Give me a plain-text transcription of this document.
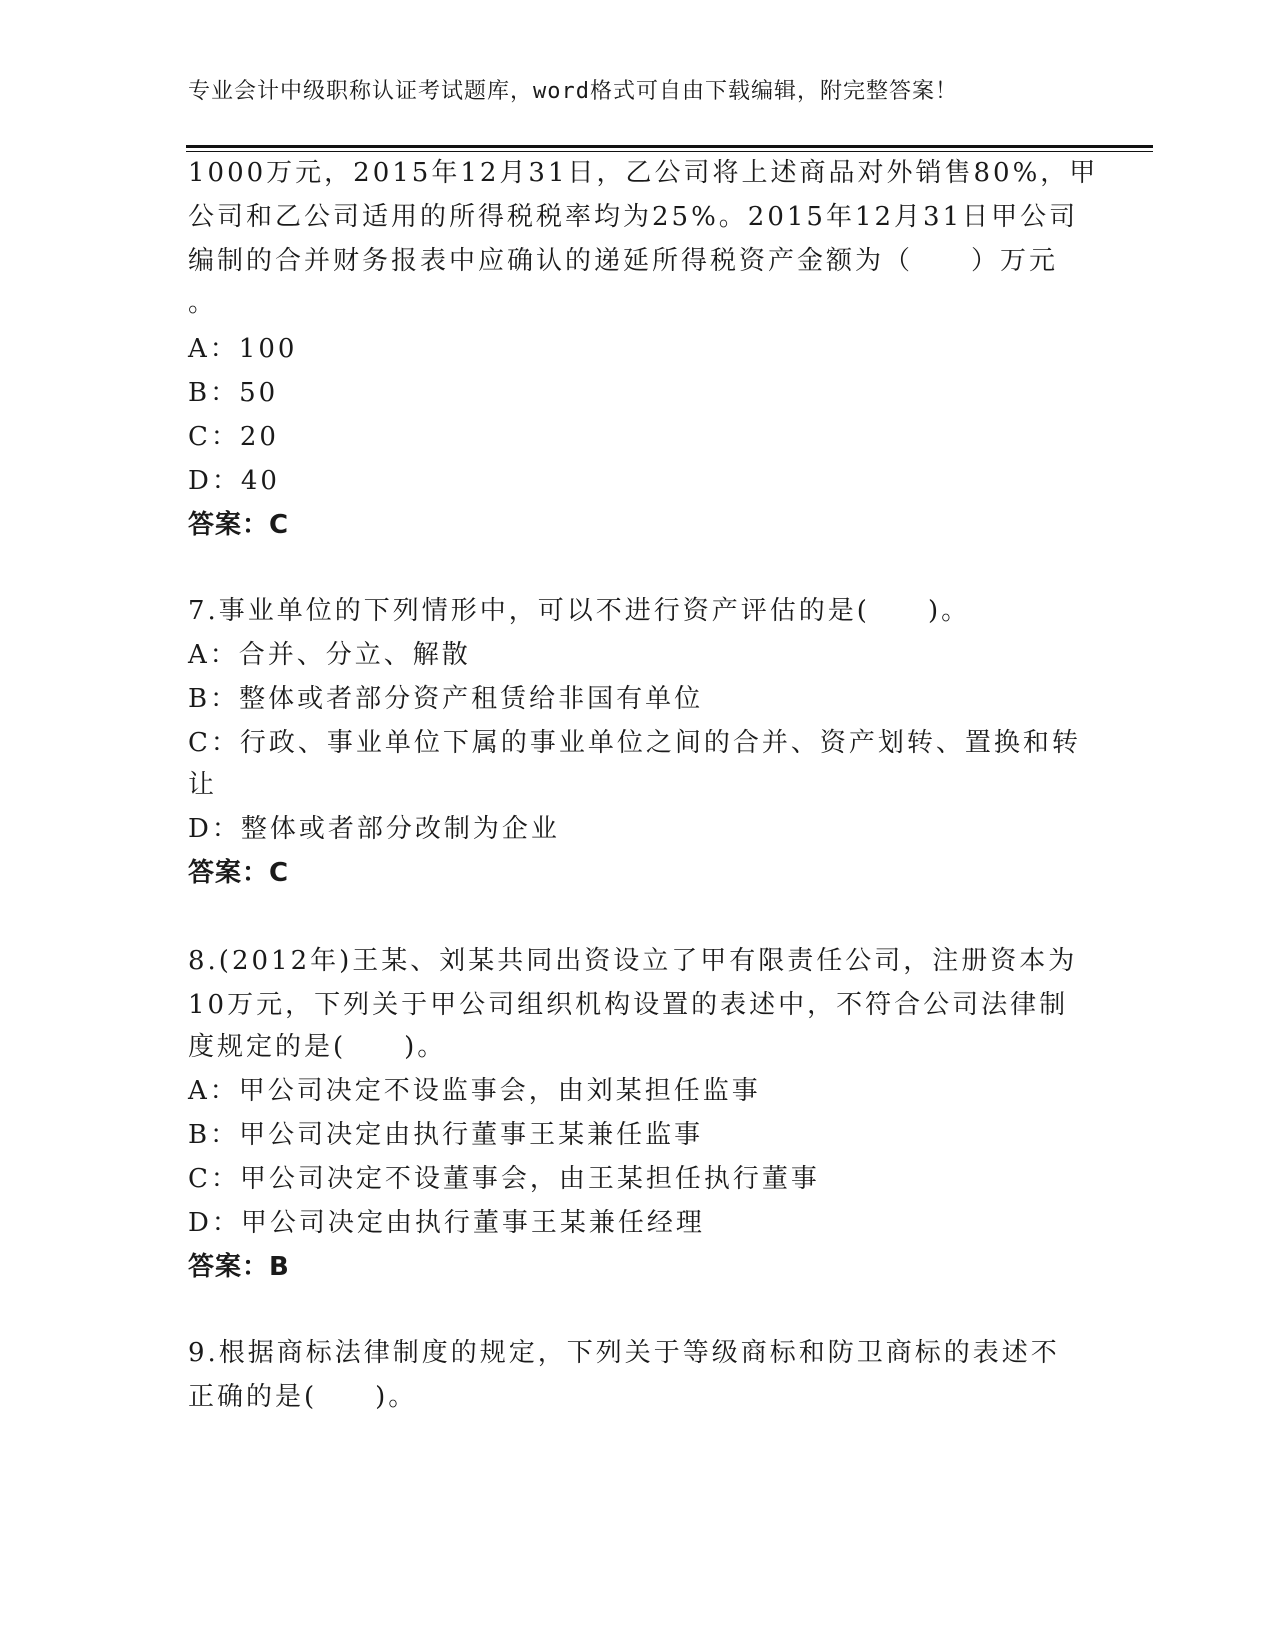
专业会计中级职称认证考试题库，word格式可自由下载编辑，附完整答案！
1000万元，2015年12月31日，乙公司将上述商品对外销售80%，甲
公司和乙公司适用的所得税税率均为25%。2015年12月31日甲公司
编制的合并财务报表中应确认的递延所得税资产金额为（　　）万元
。
A：100
B：50
C：20
D：40
答案：C
7.事业单位的下列情形中，可以不进行资产评估的是(　　)。
A：合并、分立、解散
B：整体或者部分资产租赁给非国有单位
C：行政、事业单位下属的事业单位之间的合并、资产划转、置换和转
让
D：整体或者部分改制为企业
答案：C
8.(2012年)王某、刘某共同出资设立了甲有限责任公司，注册资本为
10万元，下列关于甲公司组织机构设置的表述中，不符合公司法律制
度规定的是(　　)。
A：甲公司决定不设监事会，由刘某担任监事
B：甲公司决定由执行董事王某兼任监事
C：甲公司决定不设董事会，由王某担任执行董事
D：甲公司决定由执行董事王某兼任经理
答案：B
9.根据商标法律制度的规定，下列关于等级商标和防卫商标的表述不
正确的是(　　)。
